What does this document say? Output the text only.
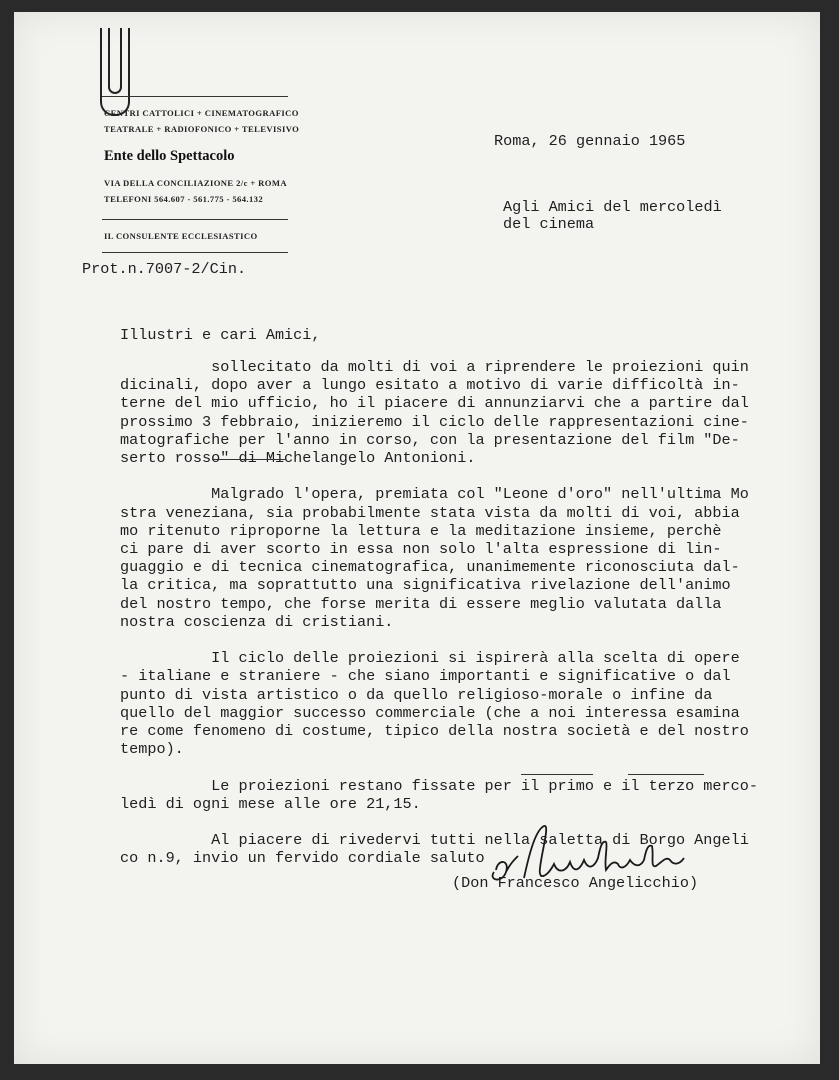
CENTRI CATTOLICI + CINEMATOGRAFICO
TEATRALE + RADIOFONICO + TELEVISIVO
Ente dello Spettacolo
VIA DELLA CONCILIAZIONE 2/c + ROMA
TELEFONI 564.607 - 561.775 - 564.132
IL CONSULENTE ECCLESIASTICO
Prot.n.7007-2/Cin.
Roma, 26 gennaio 1965
Agli Amici del mercoledì
del cinema
Illustri e cari Amici,
sollecitato da molti di voi a riprendere le proiezioni quin
dicinali, dopo aver a lungo esitato a motivo di varie difficoltà in-
terne del mio ufficio, ho il piacere di annunziarvi che a partire dal
prossimo 3 febbraio, inizieremo il ciclo delle rappresentazioni cine-
matografiche per l'anno in corso, con la presentazione del film "De-
serto rosso" di Michelangelo Antonioni.
Malgrado l'opera, premiata col "Leone d'oro" nell'ultima Mo
stra veneziana, sia probabilmente stata vista da molti di voi, abbia
mo ritenuto riproporne la lettura e la meditazione insieme, perchè
ci pare di aver scorto in essa non solo l'alta espressione di lin-
guaggio e di tecnica cinematografica, unanimemente riconosciuta dal-
la critica, ma soprattutto una significativa rivelazione dell'animo
del nostro tempo, che forse merita di essere meglio valutata dalla
nostra coscienza di cristiani.
Il ciclo delle proiezioni si ispirerà alla scelta di opere
- italiane e straniere - che siano importanti e significative o dal
punto di vista artistico o da quello religioso-morale o infine da
quello del maggior successo commerciale (che a noi interessa esamina
re come fenomeno di costume, tipico della nostra società e del nostro
tempo).
Le proiezioni restano fissate per il primo e il terzo merco-
ledì di ogni mese alle ore 21,15.
Al piacere di rivedervi tutti nella saletta di Borgo Angeli
co n.9, invio un fervido cordiale saluto
(Don Francesco Angelicchio)
